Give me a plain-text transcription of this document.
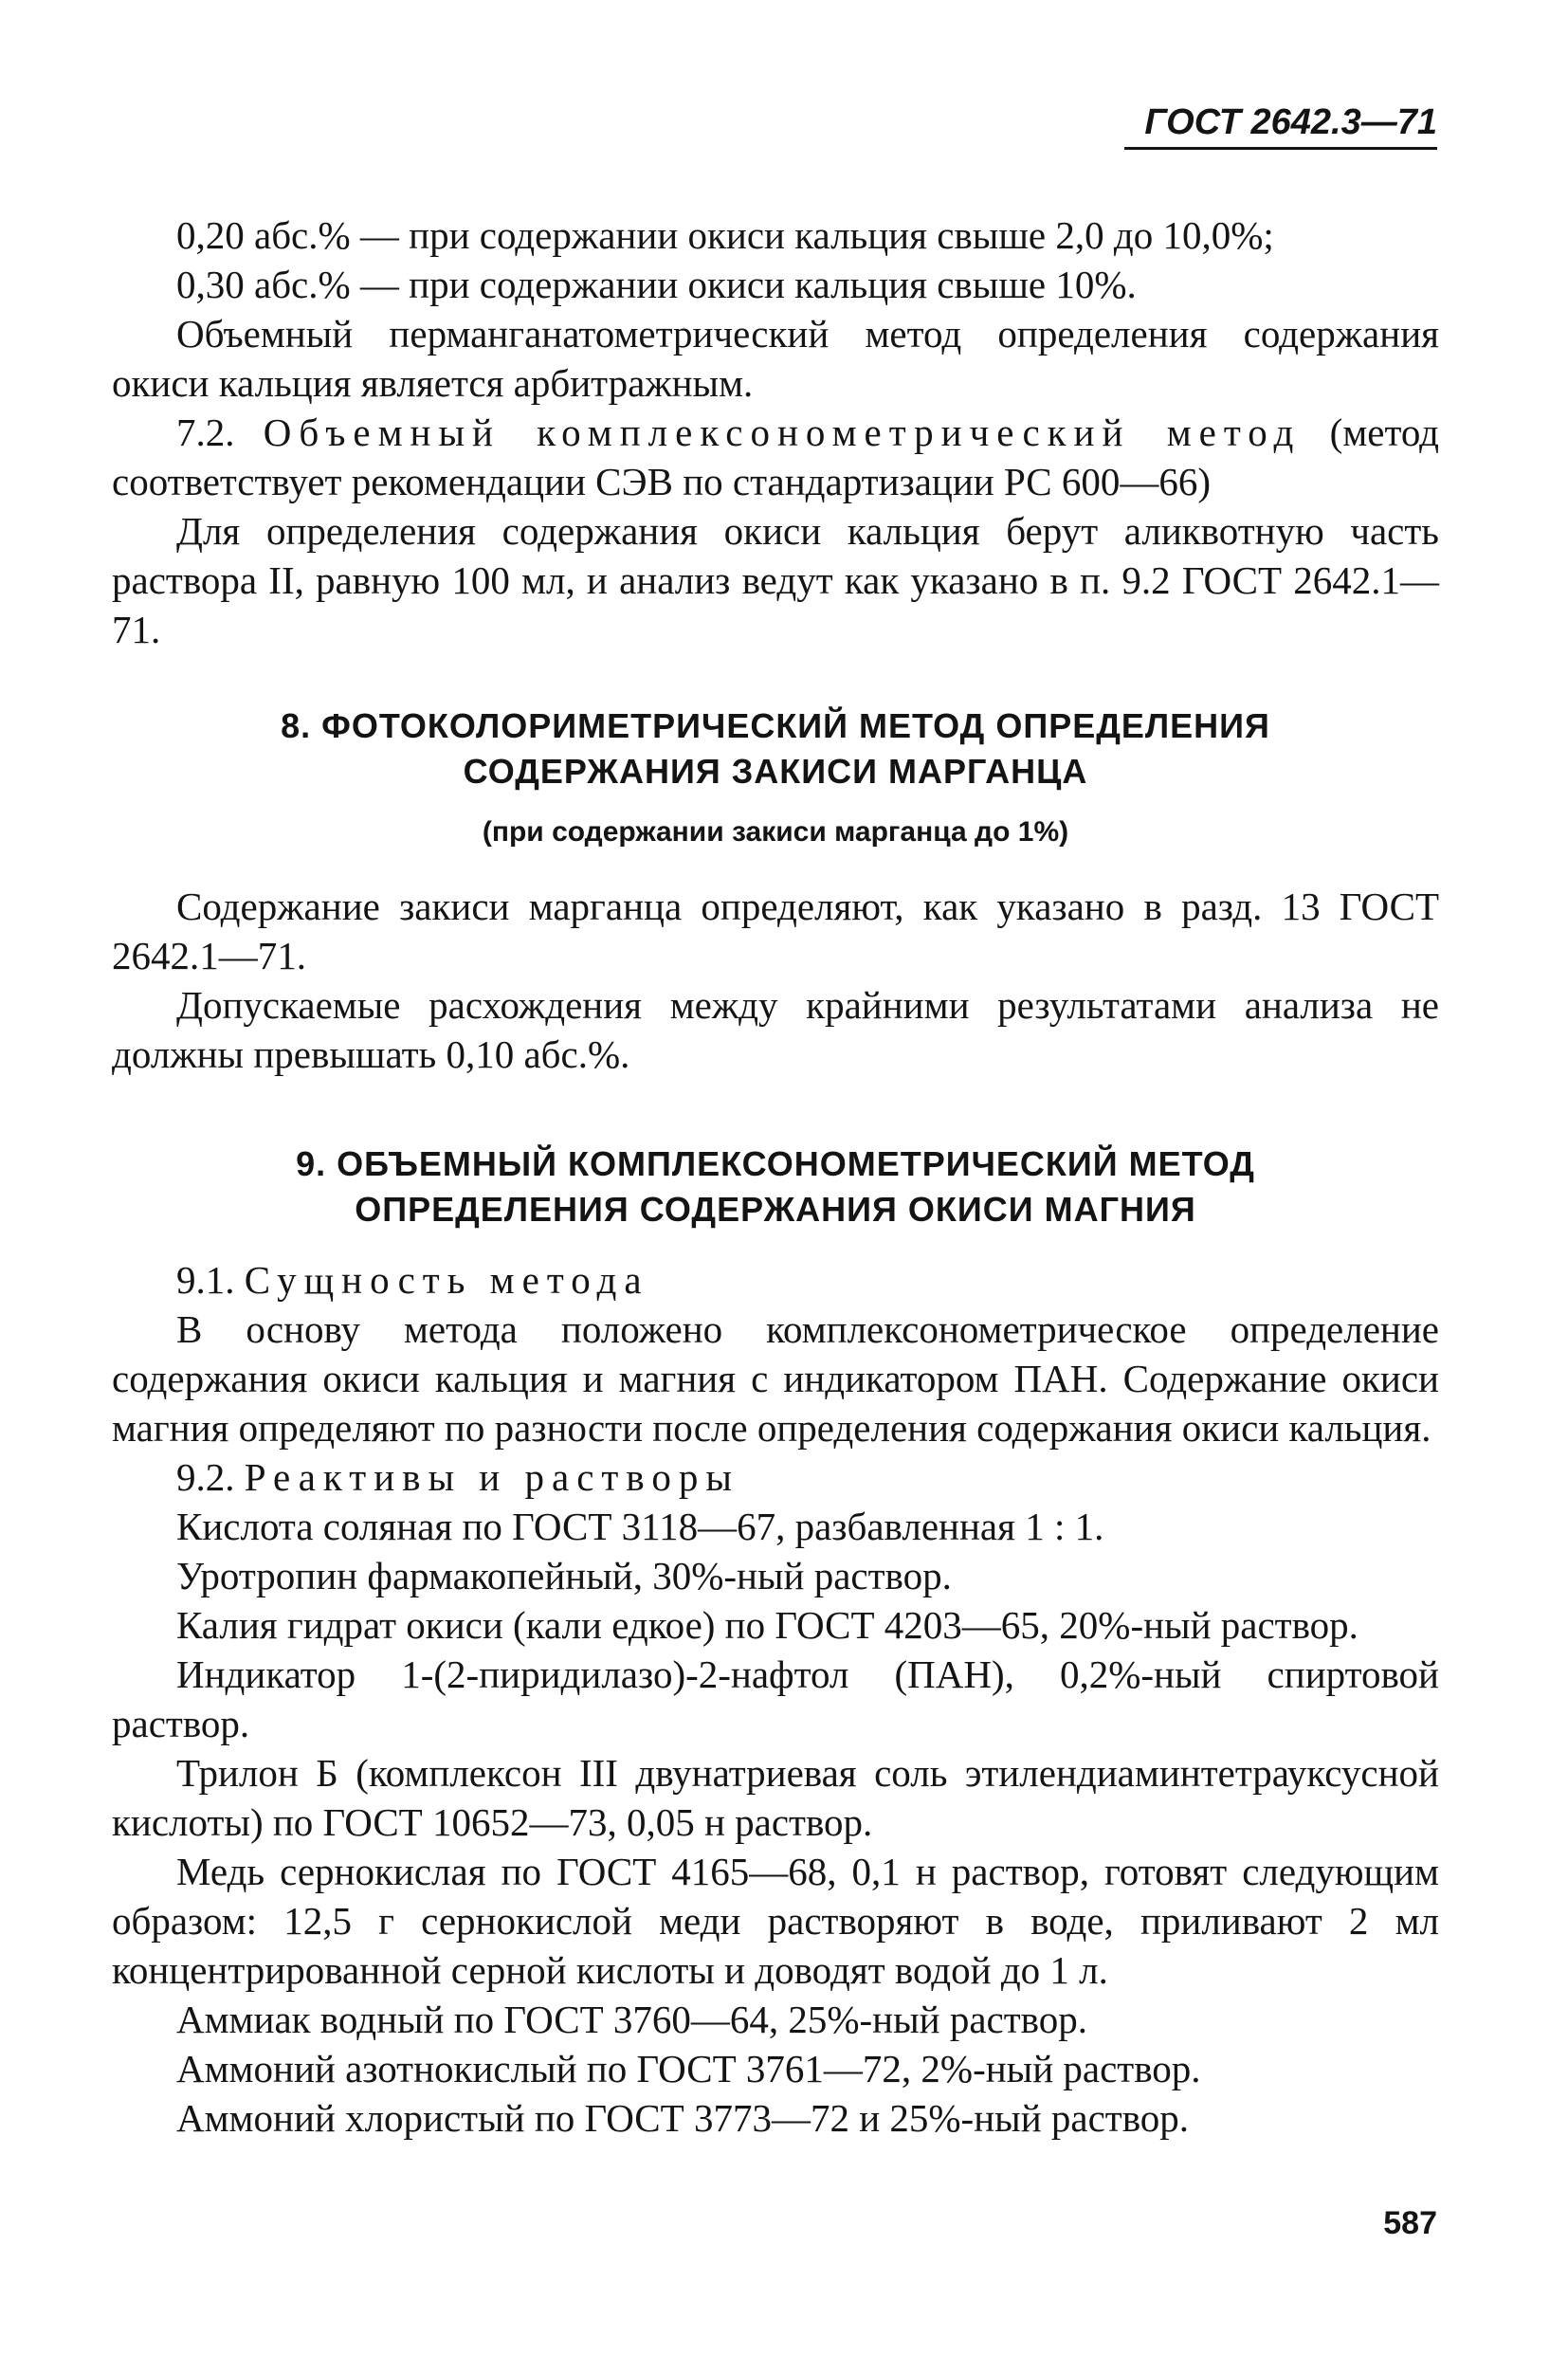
ГОСТ 2642.3—71

0,20 абс.% — при содержании окиси кальция свыше 2,0 до 10,0%;

0,30 абс.% — при содержании окиси кальция свыше 10%.

Объемный перманганатометрический метод определения содержания окиси кальция является арбитражным.

7.2. Объемный комплексонометрический метод (метод соответствует рекомендации СЭВ по стандартизации РС 600—66)

Для определения содержания окиси кальция берут аликвотную часть раствора II, равную 100 мл, и анализ ведут как указано в п. 9.2 ГОСТ 2642.1—71.

8. ФОТОКОЛОРИМЕТРИЧЕСКИЙ МЕТОД ОПРЕДЕЛЕНИЯ
СОДЕРЖАНИЯ ЗАКИСИ МАРГАНЦА
(при содержании закиси марганца до 1%)

Содержание закиси марганца определяют, как указано в разд. 13 ГОСТ 2642.1—71.

Допускаемые расхождения между крайними результатами анализа не должны превышать 0,10 абс.%.

9. ОБЪЕМНЫЙ КОМПЛЕКСОНОМЕТРИЧЕСКИЙ МЕТОД
ОПРЕДЕЛЕНИЯ СОДЕРЖАНИЯ ОКИСИ МАГНИЯ

9.1. Сущность метода

В основу метода положено комплексонометрическое определение содержания окиси кальция и магния с индикатором ПАН. Содержание окиси магния определяют по разности после определения содержания окиси кальция.

9.2. Реактивы и растворы

Кислота соляная по ГОСТ 3118—67, разбавленная 1 : 1.

Уротропин фармакопейный, 30%-ный раствор.

Калия гидрат окиси (кали едкое) по ГОСТ 4203—65, 20%-ный раствор.

Индикатор 1-(2-пиридилазо)-2-нафтол (ПАН), 0,2%-ный спиртовой раствор.

Трилон Б (комплексон III двунатриевая соль этилендиаминтетрауксусной кислоты) по ГОСТ 10652—73, 0,05 н раствор.

Медь сернокислая по ГОСТ 4165—68, 0,1 н раствор, готовят следующим образом: 12,5 г сернокислой меди растворяют в воде, приливают 2 мл концентрированной серной кислоты и доводят водой до 1 л.

Аммиак водный по ГОСТ 3760—64, 25%-ный раствор.

Аммоний азотнокислый по ГОСТ 3761—72, 2%-ный раствор.

Аммоний хлористый по ГОСТ 3773—72 и 25%-ный раствор.

587
